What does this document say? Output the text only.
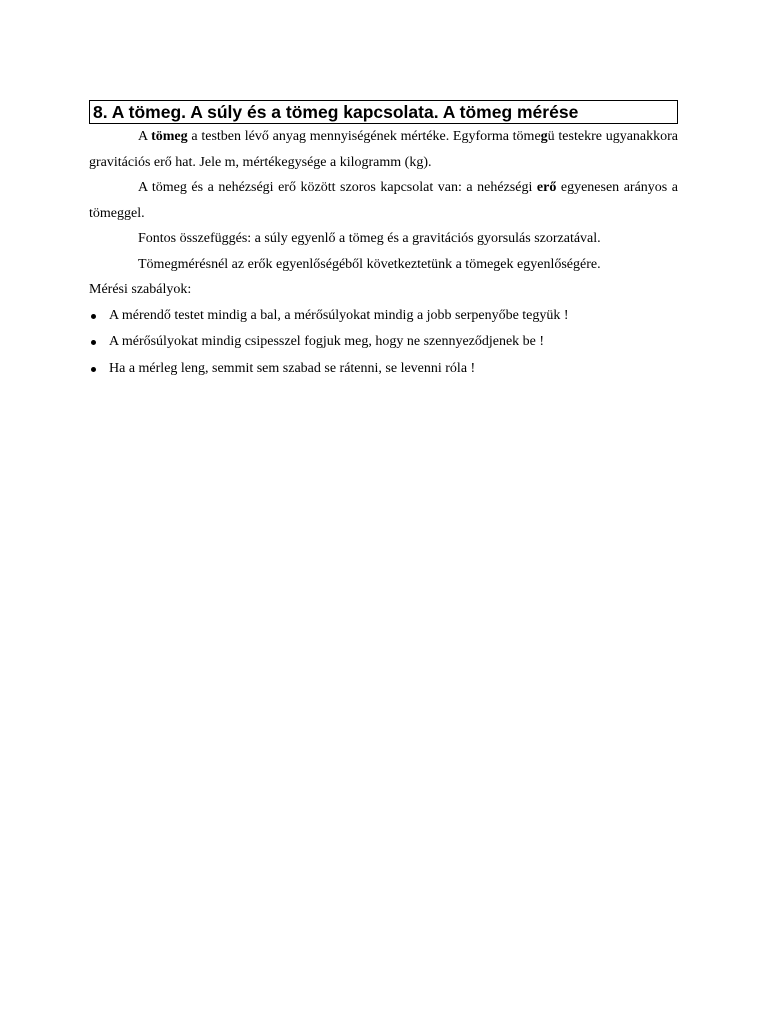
8. A tömeg. A súly és a tömeg kapcsolata. A tömeg mérése

A tömeg a testben lévő anyag mennyiségének mértéke. Egyforma tömegü testekre ugyanakkora gravitációs erő hat. Jele m, mértékegysége a kilogramm (kg).

A tömeg és a nehézségi erő között szoros kapcsolat van: a nehézségi erő egyenesen arányos a tömeggel.

Fontos összefüggés: a súly egyenlő a tömeg és a gravitációs gyorsulás szorzatával.

Tömegmérésnél az erők egyenlőségéből következtetünk a tömegek egyenlőségére.

Mérési szabályok:

A mérendő testet mindig a bal, a mérősúlyokat mindig a jobb serpenyőbe tegyük !
A mérősúlyokat mindig csipesszel fogjuk meg, hogy ne szennyeződjenek be !
Ha a mérleg leng, semmit sem szabad se rátenni, se levenni róla !
